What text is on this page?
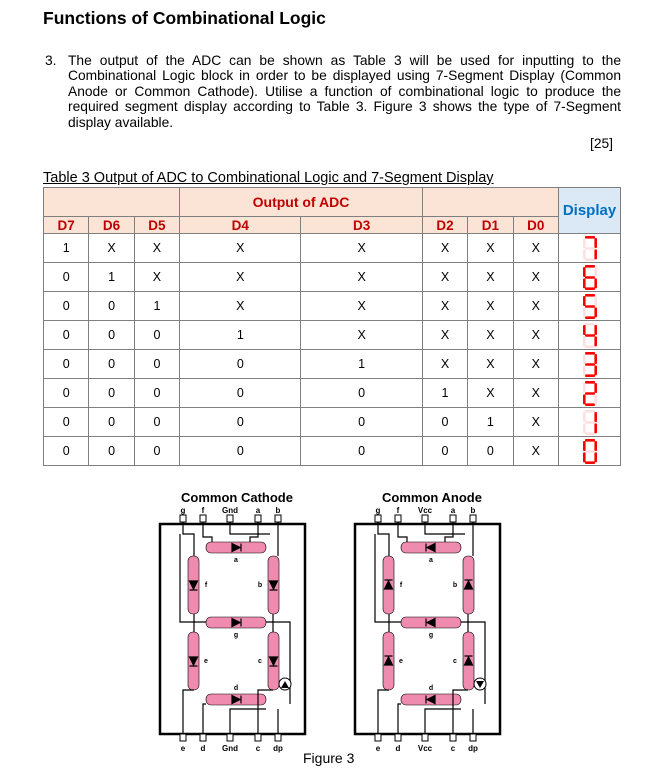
Functions of Combinational Logic
3. The output of the ADC can be shown as Table 3 will be used for inputting to the Combinational Logic block in order to be displayed using 7-Segment Display (Common Anode or Common Cathode). Utilise a function of combinational logic to produce the required segment display according to Table 3. Figure 3 shows the type of 7-Segment display available.
[25]
Table 3 Output of ADC to Combinational Logic and 7-Segment Display
			Output of ADC					Display
D7	D6	D5	D4	D3	D2	D1	D0	
1	X	X	X	X	X	X	X	

0	1	X	X	X	X	X	X	

0	0	1	X	X	X	X	X	

0	0	0	1	X	X	X	X	

0	0	0	0	1	X	X	X	

0	0	0	0	0	1	X	X	

0	0	0	0	0	0	1	X	

0	0	0	0	0	0	0	X	
Common Cathode
g f Gnd a b
e d Gnd c dp
a
g
d
f	b
e	c
Common Anode
g f Vcc a b
e d Vcc c dp
a
g
d
f	b
e	c
Figure 3
